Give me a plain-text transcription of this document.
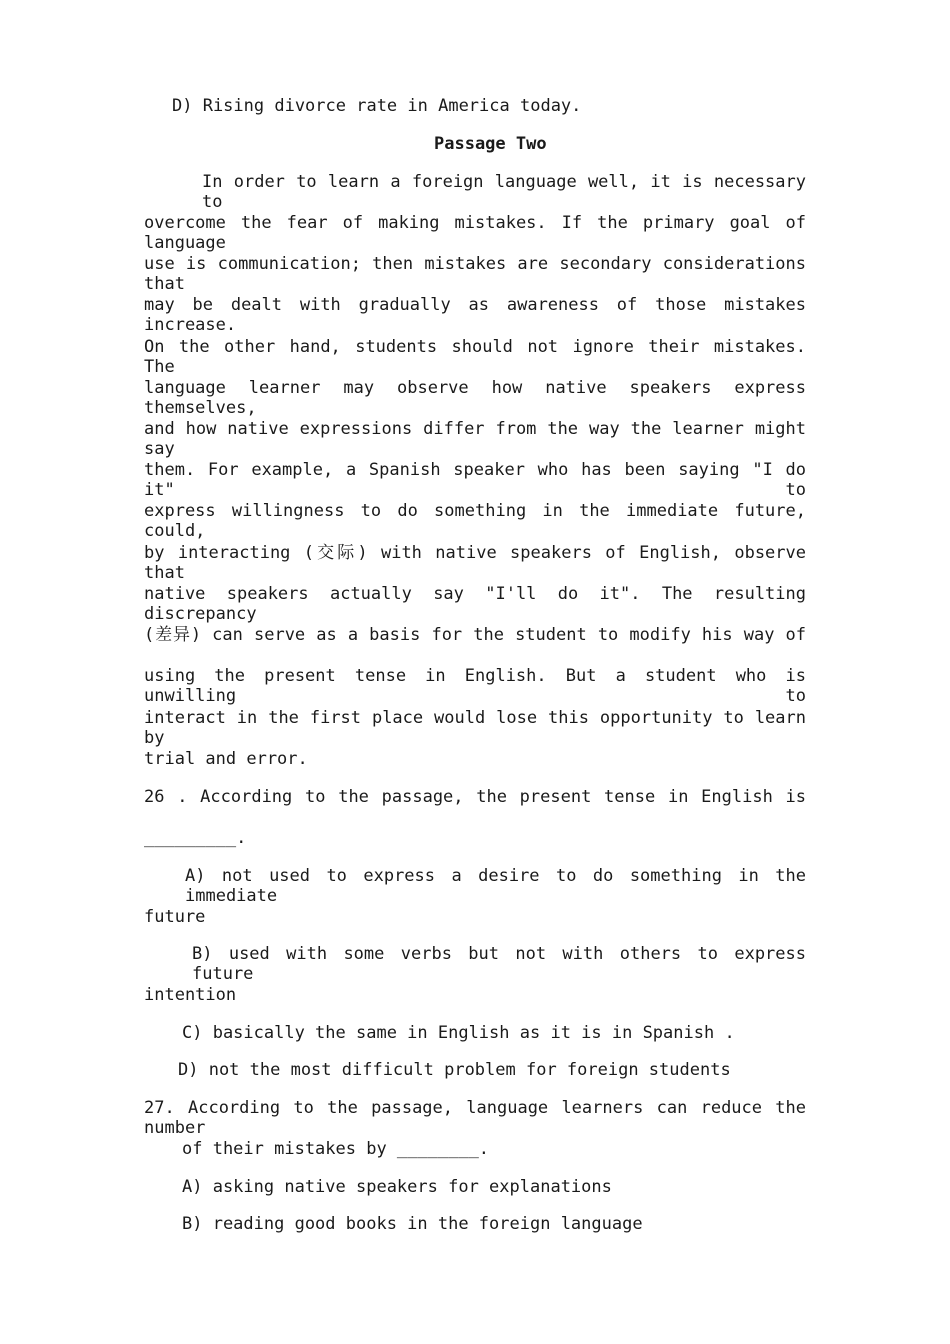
D) Rising divorce rate in America today.
Passage Two
In order to learn a foreign language well, it is necessary to
overcome the fear of making mistakes. If the primary goal of language
use is communication; then mistakes are secondary considerations that
may be dealt with gradually as awareness of those mistakes increase.
On the other hand, students should not ignore their mistakes. The
language learner may observe how native speakers express themselves,
and how native expressions differ from the way the learner might say
them. For example, a Spanish speaker who has been saying "I do it" to
express willingness to do something in the immediate future, could,
by interacting (交际) with native speakers of English, observe that
native speakers actually say "I'll do it". The resulting discrepancy
(差异) can serve as a basis for the student to modify his way of
using the present tense in English. But a student who is unwilling to
interact in the first place would lose this opportunity to learn by
trial and error.
26 . According to the passage, the present tense in English is
_________.
A) not used to express a desire to do something in the immediate
future
B) used with some verbs but not with others to express future
intention
C) basically the same in English as it is in Spanish .
D) not the most difficult problem for foreign students
27. According to the passage, language learners can reduce the number
of their mistakes by ________.
A) asking native speakers for explanations
B) reading good books in the foreign language
